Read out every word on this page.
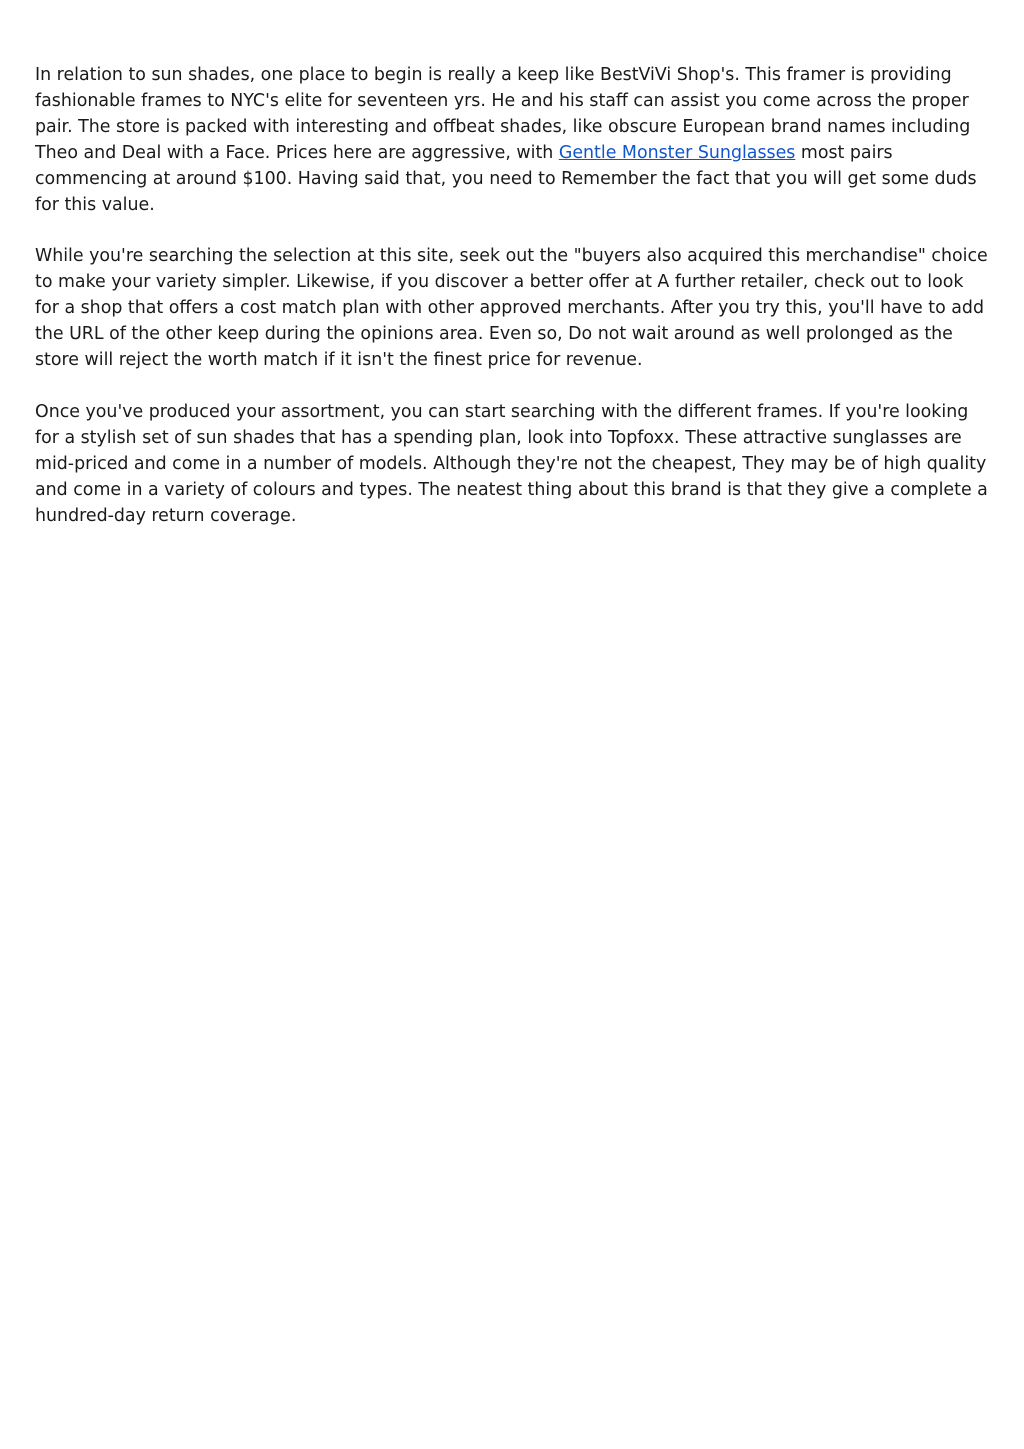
In relation to sun shades, one place to begin is really a keep like BestViVi Shop's. This framer is providing fashionable frames to NYC's elite for seventeen yrs. He and his staff can assist you come across the proper pair. The store is packed with interesting and offbeat shades, like obscure European brand names including Theo and Deal with a Face. Prices here are aggressive, with Gentle Monster Sunglasses most pairs commencing at around $100. Having said that, you need to Remember the fact that you will get some duds for this value.

While you're searching the selection at this site, seek out the "buyers also acquired this merchandise" choice to make your variety simpler. Likewise, if you discover a better offer at A further retailer, check out to look for a shop that offers a cost match plan with other approved merchants. After you try this, you'll have to add the URL of the other keep during the opinions area. Even so, Do not wait around as well prolonged as the store will reject the worth match if it isn't the finest price for revenue.

Once you've produced your assortment, you can start searching with the different frames. If you're looking for a stylish set of sun shades that has a spending plan, look into Topfoxx. These attractive sunglasses are mid-priced and come in a number of models. Although they're not the cheapest, They may be of high quality and come in a variety of colours and types. The neatest thing about this brand is that they give a complete a hundred-day return coverage.
